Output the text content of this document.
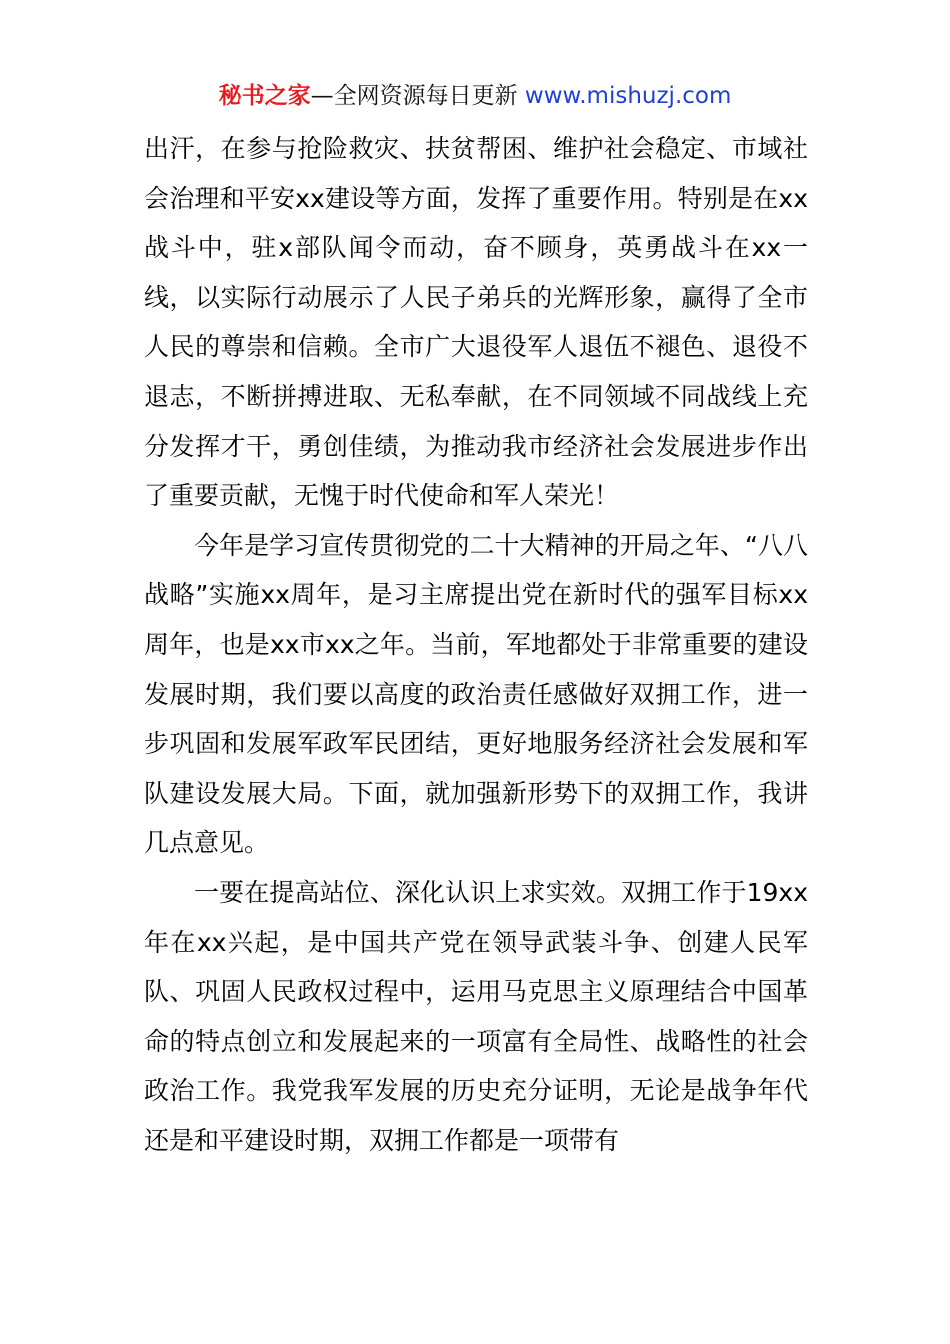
秘书之家—全网资源每日更新 www.mishuzj.com

出汗，在参与抢险救灾、扶贫帮困、维护社会稳定、市域社会治理和平安xx建设等方面，发挥了重要作用。特别是在xx战斗中，驻x部队闻令而动，奋不顾身，英勇战斗在xx一线，以实际行动展示了人民子弟兵的光辉形象，赢得了全市人民的尊崇和信赖。全市广大退役军人退伍不褪色、退役不退志，不断拼搏进取、无私奉献，在不同领域不同战线上充分发挥才干，勇创佳绩，为推动我市经济社会发展进步作出了重要贡献，无愧于时代使命和军人荣光！

今年是学习宣传贯彻党的二十大精神的开局之年、“八八战略”实施xx周年，是习主席提出党在新时代的强军目标xx周年，也是xx市xx之年。当前，军地都处于非常重要的建设发展时期，我们要以高度的政治责任感做好双拥工作，进一步巩固和发展军政军民团结，更好地服务经济社会发展和军队建设发展大局。下面，就加强新形势下的双拥工作，我讲几点意见。

一要在提高站位、深化认识上求实效。双拥工作于19xx年在xx兴起，是中国共产党在领导武装斗争、创建人民军队、巩固人民政权过程中，运用马克思主义原理结合中国革命的特点创立和发展起来的一项富有全局性、战略性的社会政治工作。我党我军发展的历史充分证明，无论是战争年代还是和平建设时期，双拥工作都是一项带有
